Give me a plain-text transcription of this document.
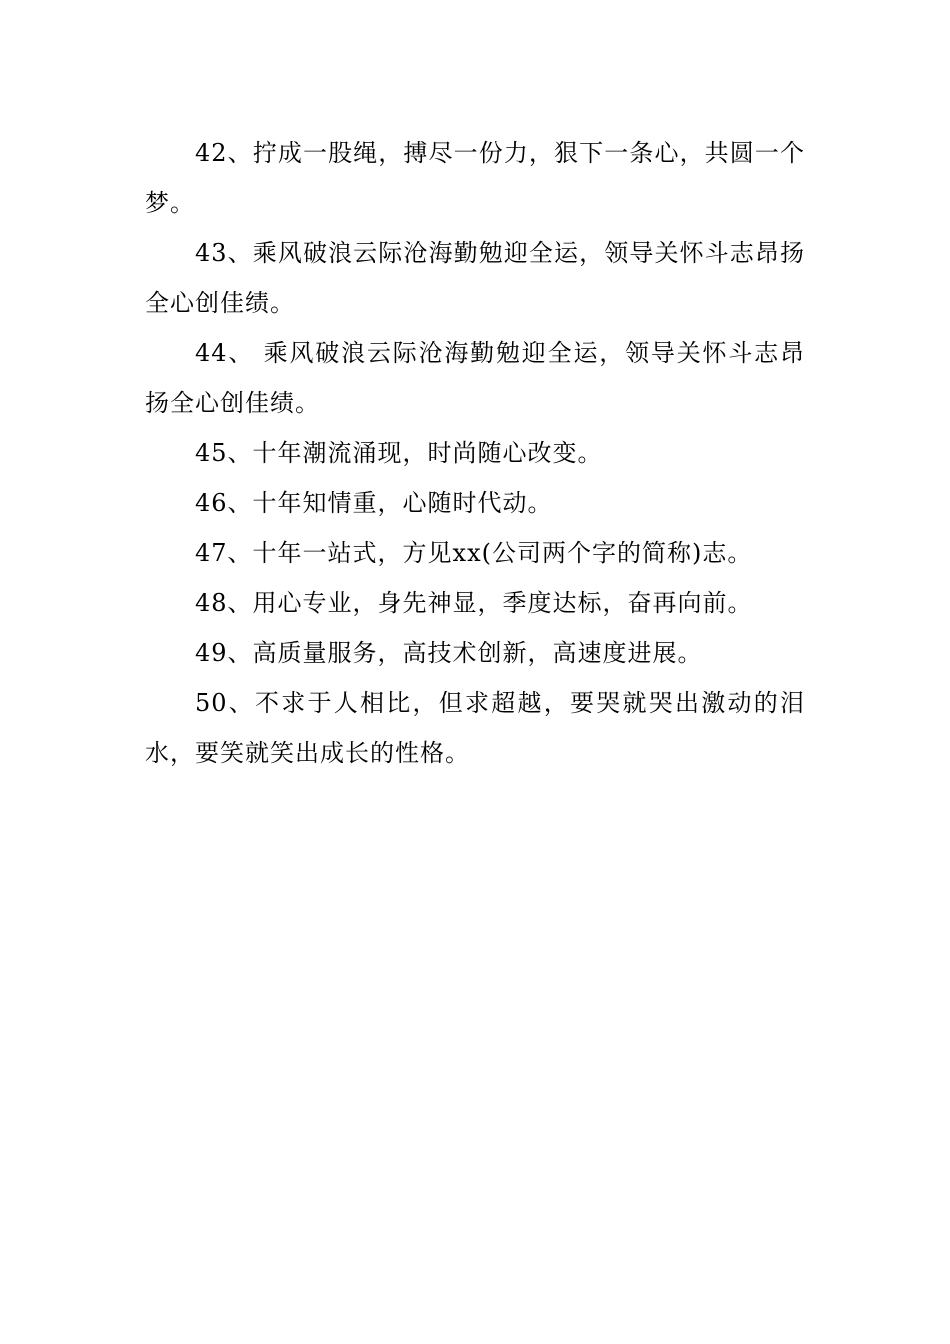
42、拧成一股绳，搏尽一份力，狠下一条心，共圆一个梦。

43、乘风破浪云际沧海勤勉迎全运，领导关怀斗志昂扬全心创佳绩。

44、 乘风破浪云际沧海勤勉迎全运，领导关怀斗志昂扬全心创佳绩。

45、十年潮流涌现，时尚随心改变。

46、十年知情重，心随时代动。

47、十年一站式，方见xx(公司两个字的简称)志。

48、用心专业，身先神显，季度达标，奋再向前。

49、高质量服务，高技术创新，高速度进展。

50、不求于人相比，但求超越，要哭就哭出激动的泪水，要笑就笑出成长的性格。
